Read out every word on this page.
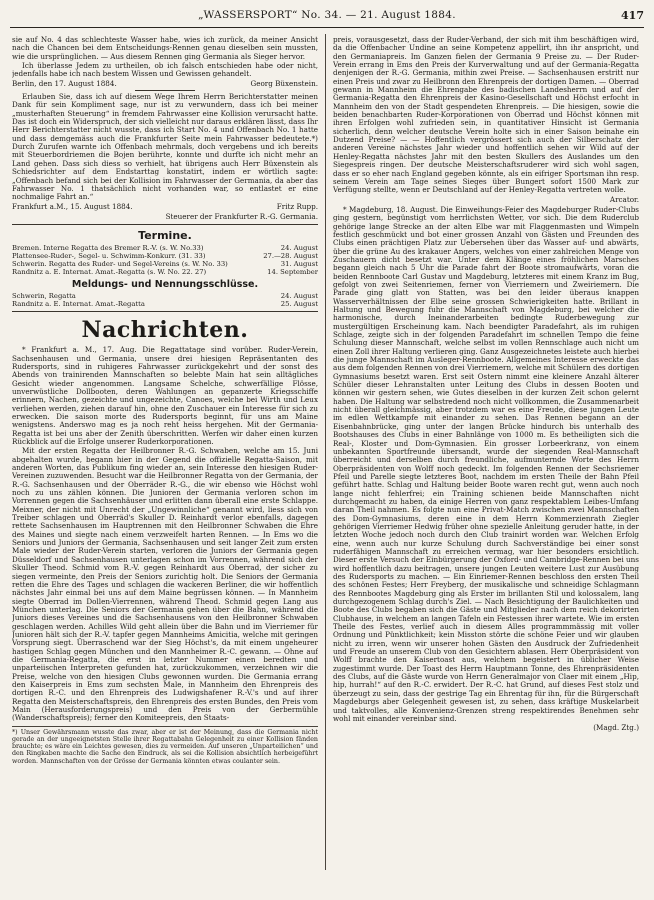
„WASSERSPORT“ No. 34. — 21. August 1884.	417

sie auf No. 4 das schlechteste Wasser habe, wies ich zurück, da meiner Ansicht nach die Chancen bei dem Entscheidungs-Rennen genau dieselben sein mussten, wie die ursprünglichen. — Aus diesem Rennen ging Germania als Sieger hervor.

Ich überlasse Jedem zu urtheilen, ob ich falsch entschieden habe oder nicht, jedenfalls habe ich nach bestem Wissen und Gewissen gehandelt.

Berlin, den 17. August 1884.	Georg Büxenstein.

Erlauben Sie, dass ich auf diesem Wege Ihrem Herrn Berichterstatter meinen Dank für sein Kompliment sage, nur ist zu verwundern, dass ich bei meiner „musterhaften Steuerung“ in fremdem Fahrwasser eine Kollision verursacht hatte. Das ist doch ein Widerspruch, der sich vielleicht nur daraus erklären lässt, dass Ihr Herr Berichterstatter nicht wusste, dass ich Start No. 4 und Offenbach No. 1 hatte und dass demgemäss auch die Frankfurter Seite mein Fahrwasser bedeutete.*) Durch Zurufen warnte ich Offenbach mehrmals, doch vergebens und ich bereits mit Steuerbordriemen die Bojen berührte, konnte und durfte ich nicht mehr an Land gehen. Dass sich diess so verhielt, hat übrigens auch Herr Büxenstein als Schiedsrichter auf dem Endstarttag konstatirt, indem er wörtlich sagte: „Offenbach befand sich bei der Kollision im Fahrwasser der Germania, da aber das Fahrwasser No. 1 thatsächlich nicht vorhanden war, so entlastet er eine nochmalige Fahrt an.“

Frankfurt a.M., 15. August 1884.	Fritz Rupp.
Steuerer der Frankfurter R.-G. Germania.
Termine.
Bremen. Interne Regatta des Bremer R.-V. (s. W. No.33)	24. August
Plattensee-Ruder-, Segel- u. Schwimm-Konkurr. (31. 33)	27.—28. August
Schwerin. Regatta des Ruder- und Segel-Vereins (s. W. No. 33)	31. August
Randnitz a. E. Internat. Amat.-Regatta (s. W. No. 22. 27)	14. September
Meldungs- und Nennungsschlüsse.
Schwerin, Regatta	24. August
Randnitz a. E. Internat. Amat.-Regatta	25. August
Nachrichten.

* Frankfurt a. M., 17. Aug. Die Regattatage sind vorüber. Ruder-Verein, Sachsenhausen und Germania, unsere drei hiesigen Repräsentanten des Rudersports, sind in ruhigeres Fahrwasser zurückgekehrt und der sonst des Abends von trainirenden Mannschaften so belebte Main hat sein alltägliches Gesicht wieder angenommen. Langsame Schelche, schwerfällige Flösse, unverwüstliche Dollbooten, deren Wahlungen an gepanzerte Kriegsschiffe erinnern, Nachen, gezeichte und ungezeichte, Canoes, welche bei Wirth und Leux verliehen werden, ziehen darauf hin, ohne den Zuschauer ein Interesse für sich zu erwecken. Die saison morte des Rudersports beginnt, für uns am Maine wenigstens. Anderswo mag es ja noch reht heiss hergehen. Mit der Germania-Regatta ist bei uns aber der Zenith überschritten. Werfen wir daher einen kurzen Rückblick auf die Erfolge unserer Ruderkorporationen.

Mit der ersten Regatta der Heilbronner R.-G. Schwaben, welche am 15. Juni abgehalten wurde, begann hier in der Gegend die offizielle Regatta-Saison, mit anderen Worten, das Publikum fing wieder an, sein Interesse den hiesigen Ruder-Vereinen zuzuwenden. Besucht war die Heilbronner Regatta von der Germania, der R.-G. Sachsenhausen und der Oberräder R.-G., die wir ebenso wie Höchst wohl noch zu uns zählen können. Die Junioren der Germania verloren schon im Vorrennen gegen die Sachsenhäuser und erlitten dann überall eine erste Schlappe. Meixner, der nicht mit Unrecht der „Ungewinnliche“ genannt wird, liess sich von Treiber schlagen und Oberräd's Skuller D. Reinhardt verlor ebenfalls, dagegen rettete Sachsenhausen im Hauptrennen mit den Heilbronner Schwaben die Ehre des Maines und siegte nach einem verzweifelt harten Rennen. — In Ems wo die Seniors und Juniors der Germania, Sachsenhausen und seit langer Zeit zum ersten Male wieder der Ruder-Verein starten, verloren die Juniors der Germania gegen Düsseldorf und Sachsenhausen unterlagen schon im Vorrennen, während sich der Skuller Theod. Schmid vom R.-V. gegen Reinhardt aus Oberrad, der sicher zu siegen vermeinte, den Preis der Seniors zurichtig holt. Die Seniors der Germania retten die Ehre des Tages und schlagen die wackeren Berliner, die wir hoffentlich nächstes Jahr einmal bei uns auf dem Maine begrüssen können. — In Mannheim siegte Oberrad im Dollen-Vierrennen, während Theod. Schmid gegen Lang aus München unterlag. Die Seniors der Germania gehen über die Bahn, während die Juniors dieses Vereines und die Sachsenhausens von den Heilbronner Schwaben geschlagen werden. Achilles Wild geht allein über die Bahn und im Vierriemer für Junioren hält sich der R.-V. tapfer gegen Mannheims Amicitia, welche mit geringen Vorsprung siegt. Überraschend war der Sieg Höchst's, da mit einem ungeheurer hastigen Schlag gegen München und den Mannheimer R.-C. gewann. — Ohne auf die Germania-Regatta, die erst in letzter Nummer einen beredten und unparteiischen Interpreten gefunden hat, zurückzukommen, verzeichnen wir die Preise, welche von den hiesigen Clubs gewonnen wurden. Die Germania errang den Kaiserpreis in Ems zum sechsten Male, in Mannheim den Ehrenpreis des dortigen R.-C. und den Ehrenpreis des Ludwigshafener R.-V.'s und auf ihrer Regatta den Meisterschaftspreis, den Ehrenpreis des ersten Bundes, den Preis vom Main (Herausforderungspreis) und den Preis von der Gerbermühle (Wanderschaftspreis); ferner den Komiteepreis, den Staats-

*) Unser Gewährsmann wusste das zwar, aber er ist der Meinung, dass die Germania nicht gerade an der ungeeignetsten Stelle ihrer Regattabahn Gelegenheit zu einer Kollision fänden brauchte; es wäre ein Leichtes gewesen, dies zu vermeiden. Auf unseren „Unparteilichen“ und den Ringkaben machte die Sache den Eindruck, als sei die Kollision absichtlich herbeigeführt worden. Mannschaften von der Grösse der Germania könnten etwas coulanter sein.

preis, vorausgesetzt, dass der Ruder-Verband, der sich mit ihm beschäftigen wird, da die Offenbacher Undine an seine Kompetenz appellirt, ihn ihr anspricht, und den Germaniapreis. Im Ganzen fielen der Germania 9 Preise zu. — Der Ruder-Verein errang in Ems den Preis der Kurverwaltung und auf der Germania-Regatta denjenigen der R.-G. Germania, mithin zwei Preise. — Sachsenhausen erstritt nur einen Preis und zwar zu Heilbronn den Ehrenpreis der dortigen Damen. — Oberrad gewann in Mannheim die Ehrengabe des badischen Landesherrn und auf der Germania-Regatta den Ehrenpreis der Kasino-Gesellschaft und Höchst erfocht in Mannheim den von der Stadt gespendeten Ehrenpreis. — Die hiesigen, sowie die beiden benachbarten Ruder-Korporationen von Oberrad und Höchst können mit ihren Erfolgen wohl zufrieden sein, in quantitativer Hinsicht ist Germania sicherlich, denn welcher deutsche Verein holte sich in einer Saison beinahe ein Dutzend Preise? — — Hoffentlich vergrössert sich auch der Silberschatz der anderen Vereine nächstes Jahr wieder und hoffentlich sehen wir Wild auf der Henley-Regatta nächstes Jahr mit den besten Skullers des Auslandes um den Siegespreis ringen. Der deutsche Meisterschaftsruderer wird sich wohl sagen, dass er so eher nach England gegeben könnte, als ein eifriger Sportsman ihn resp. seinem Verein am Tage seines Sieges über Bungert sofort 1500 Mark zur Verfügung stellte, wenn er Deutschland auf der Henley-Regatta vertreten wolle.

Arcator.

* Magdeburg, 18. August. Die Einweihungs-Feier des Magdeburger Ruder-Clubs ging gestern, begünstigt vom herrlichsten Wetter, vor sich. Die dem Ruderclub gehörige lange Strecke an der alten Elbe war mit Flaggenmasten und Wimpeln festlich geschmückt und bot einer grossen Anzahl von Gästen und Freunden des Clubs einen prächtigen Platz zur Uebersehen über das Wasser auf- und abwärts, über die grüne Au des krakauer Angers, welches von einer zahlreichen Menge von Zuschauern dicht besetzt war. Unter dem Klänge eines fröhlichen Marsches begann gleich nach 5 Uhr die Parade fahrt der Boote stromaufwärts, voran die beiden Rennboote Carl Gustav und Magdeburg, letzteres mit einem Kranz im Bug, gefolgt von zwei Seitenriemen, ferner von Vierriemern und Zweiriemern. Die Parade ging glatt von Statten, was bei den leider überaus knappen Wasserverhältnissen der Elbe seine grossen Schwierigkeiten hatte. Brillant in Haltung und Bewegung fuhr die Mannschaft von Magdeburg, bei welcher die harmonische, durch Ineinanderarbeiten bedingte Ruderbewegung zur mustergültigen Erscheinung kam. Nach beendigter Paradefahrt, als im ruhigen Schlage, zeigte sich in der folgenden Paradefahrt im schnellen Tempo die feine Schulung dieser Mannschaft, welche selbst im vollen Rennschlage auch nicht um einen Zoll ihrer Haltung verlieren ging. Ganz Ausgezeichnetes leistete auch hierbei die junge Mannschaft im Ausleger-Rennboote. Allgemeines Interesse erweckte das aus dem folgenden Rennen von drei Vierriemern, welche mit Schülern des dortigen Gymnasiums besetzt waren. Erst seit Ostern nimmt eine kleinere Anzahl älterer Schüler dieser Lehranstalten unter Leitung des Clubs in dessen Booten und können wir gestern sehen, wie Gutes dieselben in der kurzen Zeit schon gelernt haben. Die Haltung war selbstredend noch nicht vollkommen, die Zusammenarbeit nicht überall gleichmässig, aber trotzdem war es eine Freude, diese jungen Leute im edlen Wettkampfe mit einander zu sehen. Das Rennen begann an der Eisenbahnbrücke, ging unter der langen Brücke hindurch bis unterhalb des Bootshauses des Clubs in einer Bahnlänge von 1000 m. Es betheiligten sich die Real-, Kloster und Dom-Gymnasien. Ein grosser Lorbeerkranz, von einem unbekannten Sportfreunde übersandt, wurde der siegenden Real-Mannschaft überreicht und derselben durch freundliche, aufmunternde Worte des Herrn Oberpräsidenten von Wolff noch gedeckt. Im folgenden Rennen der Sechsriemer Pfeil und Parelle siegte letzteres Boot, nachdem im ersten Theile der Bahn Pfeil geführt hatte. Schlag und Haltung beider Boote waren recht gut, wenn auch noch lange nicht fehlerfrei; ein Training schienen beide Mannschaften nicht durchgemacht zu haben, da einige Herren von ganz respektablem Leibes-Umfang daran Theil nahmen. Es folgte nun eine Privat-Match zwischen zwei Mannschaften des Dom-Gymnasiums, deren eine in dem Herrn Kommerzienrath Ziegler gehörigen Vierriemer Hedwig früher ohne spezielle Anleitung geruder hatte, in der letzten Woche jedoch noch durch den Club trainirt worden war. Welchen Erfolg eine, wenn auch nur kurze Schulung durch Sachverständige bei einer sonst ruderfähigen Mannschaft zu erreichen vermag, war hier besonders ersichtlich. Dieser erste Versuch der Einbürgerung der Oxford- und Cambridge-Rennen bei uns wird hoffentlich dazu beitragen, unsere jungen Leuten weitere Lust zur Ausübung des Rudersports zu machen. — Ein Einriemer-Rennen beschloss den ersten Theil des schönen Festes; Herr Freyberg, der musikalische und schneidige Schlagmann des Rennbootes Magdeburg ging als Erster im brillanten Stil und kolossalem, lang durchgezogenem Schlag durch's Ziel. — Nach Besichtigung der Baulichkeiten und Boote des Clubs begaben sich die Gäste und Mitglieder nach dem reich dekorirten Clubhause, in welchem an langen Tafeln ein Festessen ihrer wartete. Wie im ersten Theile des Festes, verlief auch in diesem Alles programmmässig mit voller Ordnung und Pünktlichkeit; kein Misston störte die schöne Feier und wir glauben nicht zu irren, wenn wir unserer hohen Gästen den Ausdruck der Zufriedenheit und Freude an unserem Club von den Gesichtern ablasen. Herr Oberpräsident von Wolff brachte den Kaisertoast aus, welchem begeistert in üblicher Weise zugestimmt wurde. Der Toast des Herrn Hauptmann Tonne, des Ehrenpräsidenten des Clubs, auf die Gäste wurde von Herrn Generalmajor von Claer mit einem „Hip, hip, hurrah!“ auf den R.-C. erwidert. Der R.-C. hat Grund, auf dieses Fest stolz und überzeugt zu sein, dass der gestrige Tag ein Ehrentag für ihn, für die Bürgerschaft Magdeburgs aber Gelegenheit gewesen ist, zu sehen, dass kräftige Muskelarbeit und taktvolles, alle Konvenienz-Grenzen streng respektirendes Benehmen sehr wohl mit einander vereinbar sind.

(Magd. Ztg.)
